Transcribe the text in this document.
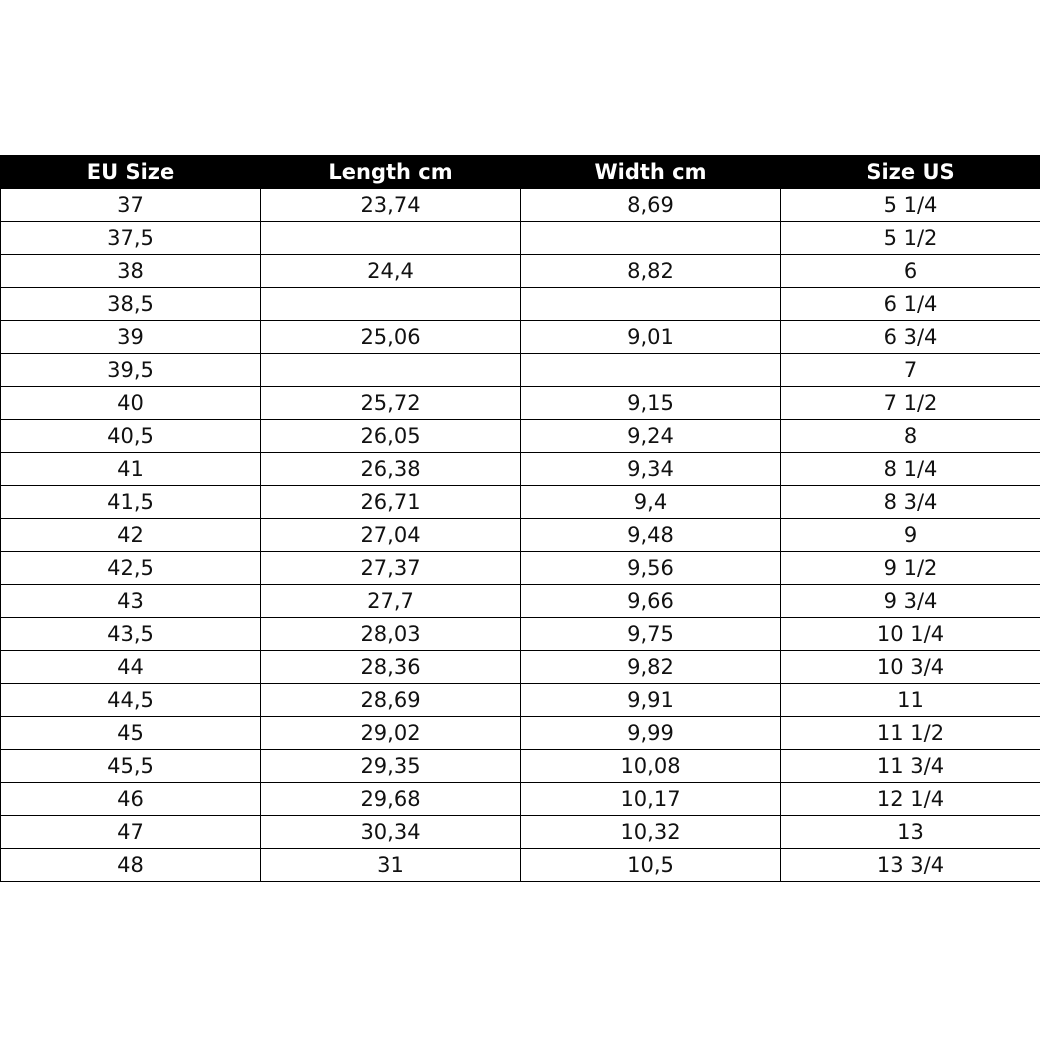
EU Size	Length cm	Width cm	Size US
37	23,74	8,69	5 1/4
37,5			5 1/2
38	24,4	8,82	6
38,5			6 1/4
39	25,06	9,01	6 3/4
39,5			7
40	25,72	9,15	7 1/2
40,5	26,05	9,24	8
41	26,38	9,34	8 1/4
41,5	26,71	9,4	8 3/4
42	27,04	9,48	9
42,5	27,37	9,56	9 1/2
43	27,7	9,66	9 3/4
43,5	28,03	9,75	10 1/4
44	28,36	9,82	10 3/4
44,5	28,69	9,91	11
45	29,02	9,99	11 1/2
45,5	29,35	10,08	11 3/4
46	29,68	10,17	12 1/4
47	30,34	10,32	13
48	31	10,5	13 3/4
